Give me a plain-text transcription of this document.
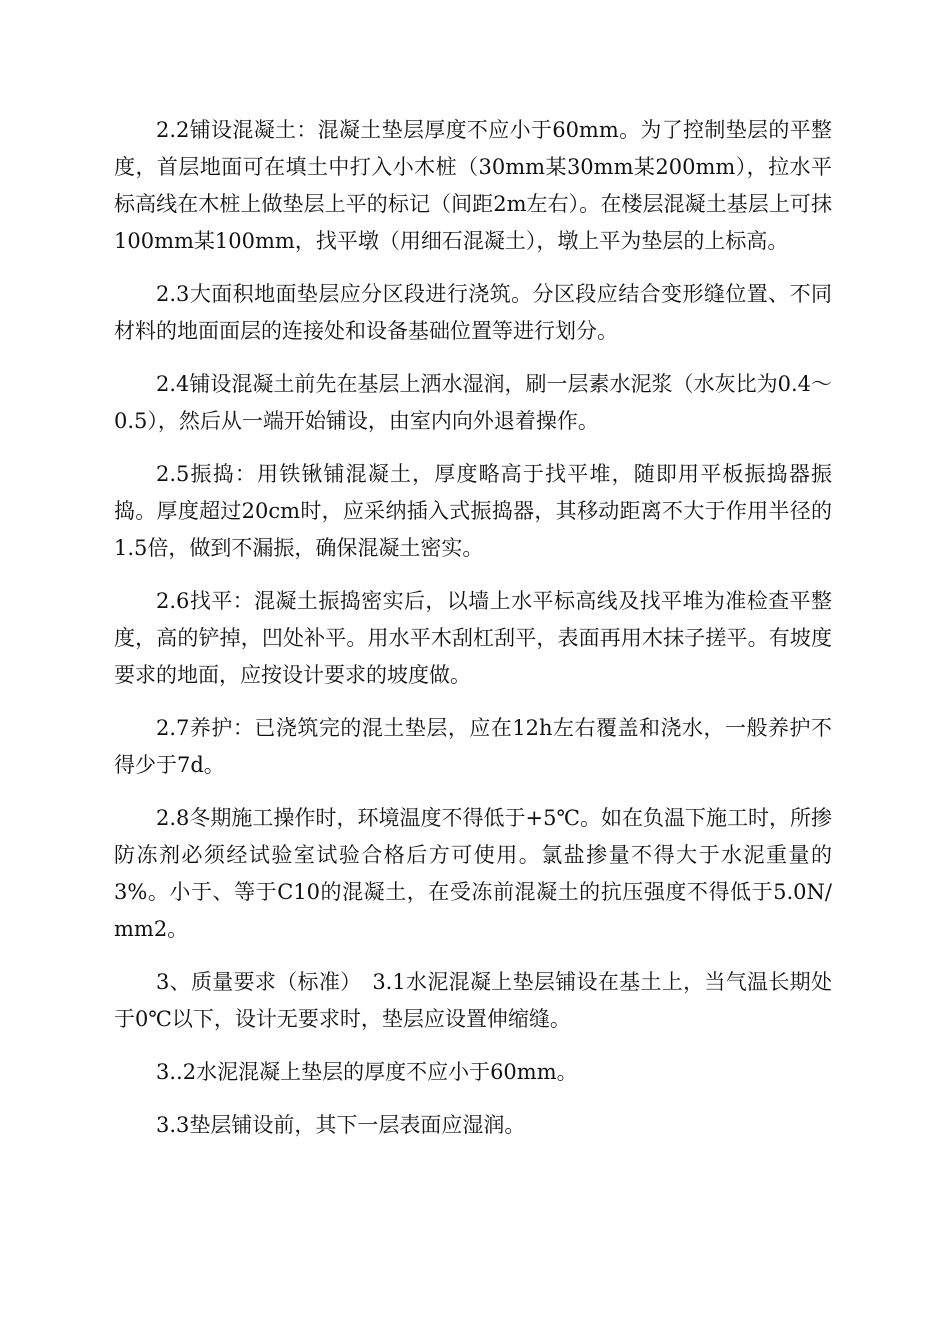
2.2铺设混凝土：混凝土垫层厚度不应小于60mm。为了控制垫层的平整度，首层地面可在填土中打入小木桩（30mm某30mm某200mm），拉水平标高线在木桩上做垫层上平的标记（间距2m左右）。在楼层混凝土基层上可抹100mm某100mm，找平墩（用细石混凝土），墩上平为垫层的上标高。

2.3大面积地面垫层应分区段进行浇筑。分区段应结合变形缝位置、不同材料的地面面层的连接处和设备基础位置等进行划分。

2.4铺设混凝土前先在基层上洒水湿润，刷一层素水泥浆（水灰比为0.4～0.5），然后从一端开始铺设，由室内向外退着操作。

2.5振捣：用铁锹铺混凝土，厚度略高于找平堆，随即用平板振捣器振捣。厚度超过20cm时，应采纳插入式振捣器，其移动距离不大于作用半径的1.5倍，做到不漏振，确保混凝土密实。

2.6找平：混凝土振捣密实后，以墙上水平标高线及找平堆为准检查平整度，高的铲掉，凹处补平。用水平木刮杠刮平，表面再用木抹子搓平。有坡度要求的地面，应按设计要求的坡度做。

2.7养护：已浇筑完的混土垫层，应在12h左右覆盖和浇水，一般养护不得少于7d。

2.8冬期施工操作时，环境温度不得低于+5℃。如在负温下施工时，所掺防冻剂必须经试验室试验合格后方可使用。氯盐掺量不得大于水泥重量的3%。小于、等于C10的混凝土，在受冻前混凝土的抗压强度不得低于5.0N/mm2。

3、质量要求（标准）　3.1水泥混凝上垫层铺设在基土上，当气温长期处于0℃以下，设计无要求时，垫层应设置伸缩缝。

3..2水泥混凝上垫层的厚度不应小于60mm。

3.3垫层铺设前，其下一层表面应湿润。
